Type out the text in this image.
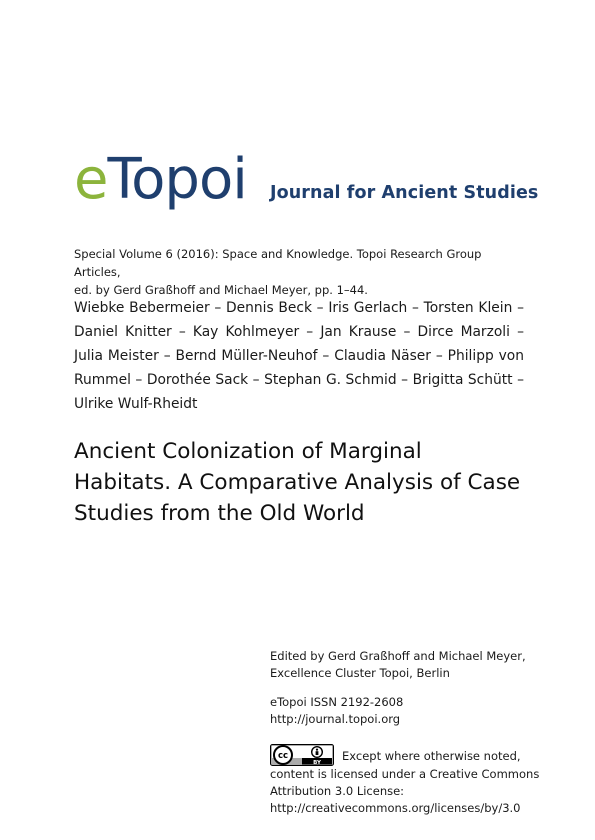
eTopoi Journal for Ancient Studies
Special Volume 6 (2016): Space and Knowledge. Topoi Research Group Articles,
ed. by Gerd Graßhoff and Michael Meyer, pp. 1–44.
Wiebke Bebermeier – Dennis Beck – Iris Gerlach – Torsten Klein – Daniel Knitter – Kay Kohlmeyer – Jan Krause – Dirce Marzoli – Julia Meister – Bernd Müller-Neuhof – Claudia Näser – Philipp von Rummel – Dorothée Sack – Stephan G. Schmid – Brigitta Schütt – Ulrike Wulf-Rheidt
Ancient Colonization of Marginal Habitats. A Comparative Analysis of Case Studies from the Old World
Edited by Gerd Graßhoff and Michael Meyer,
Excellence Cluster Topoi, Berlin
eTopoi ISSN 2192-2608
http://journal.topoi.org
cc
BY Except where otherwise noted,
content is licensed under a Creative Commons
Attribution 3.0 License:
http://creativecommons.org/licenses/by/3.0
